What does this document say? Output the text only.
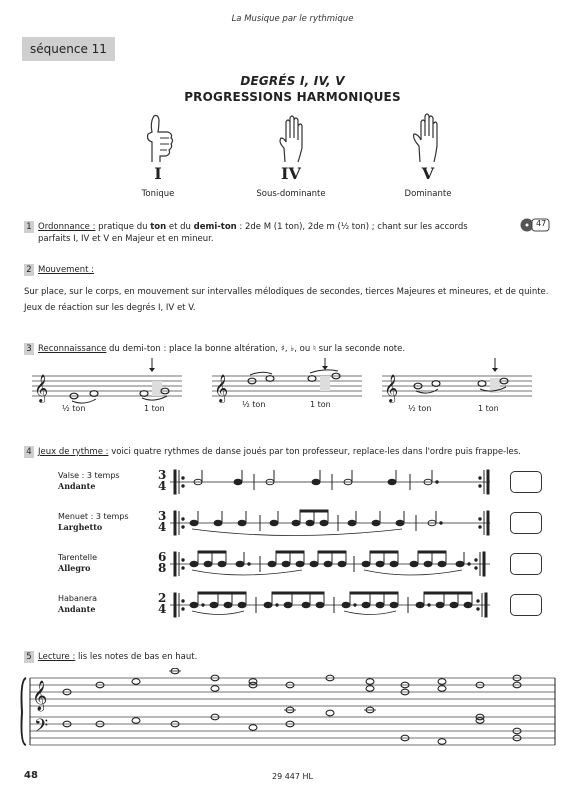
La Musique par le rythmique
séquence 11
DEGRÉS I, IV, V
PROGRESSIONS HARMONIQUES
I	IV	V
Tonique	Sous-dominante	Dominante
1 Ordonnance : pratique du ton et du demi-ton : 2de M (1 ton), 2de m (½ ton) ; chant sur les accords
parfaits I, IV et V en Majeur et en mineur.
47
2 Mouvement :
Sur place, sur le corps, en mouvement sur intervalles mélodiques de secondes, tierces Majeures et mineures, et de quinte.
Jeux de réaction sur les degrés I, IV et V.
3 Reconnaissance du demi-ton : place la bonne altération, ♯, ♭, ou ♮ sur la seconde note.
𝄞
½ ton	1 ton
𝄞
½ ton	1 ton
𝄞
½ ton	1 ton
4 Jeux de rythme : voici quatre rythmes de danse joués par ton professeur, replace-les dans l'ordre puis frappe-les.
Valse : 3 temps
Andante
Menuet : 3 temps
Larghetto
Tarentelle
Allegro
Habanera
Andante
3
4
3
4
6
8
2
4
5 Lecture : lis les notes de bas en haut.
𝄞
𝄢
48	29 447 HL
